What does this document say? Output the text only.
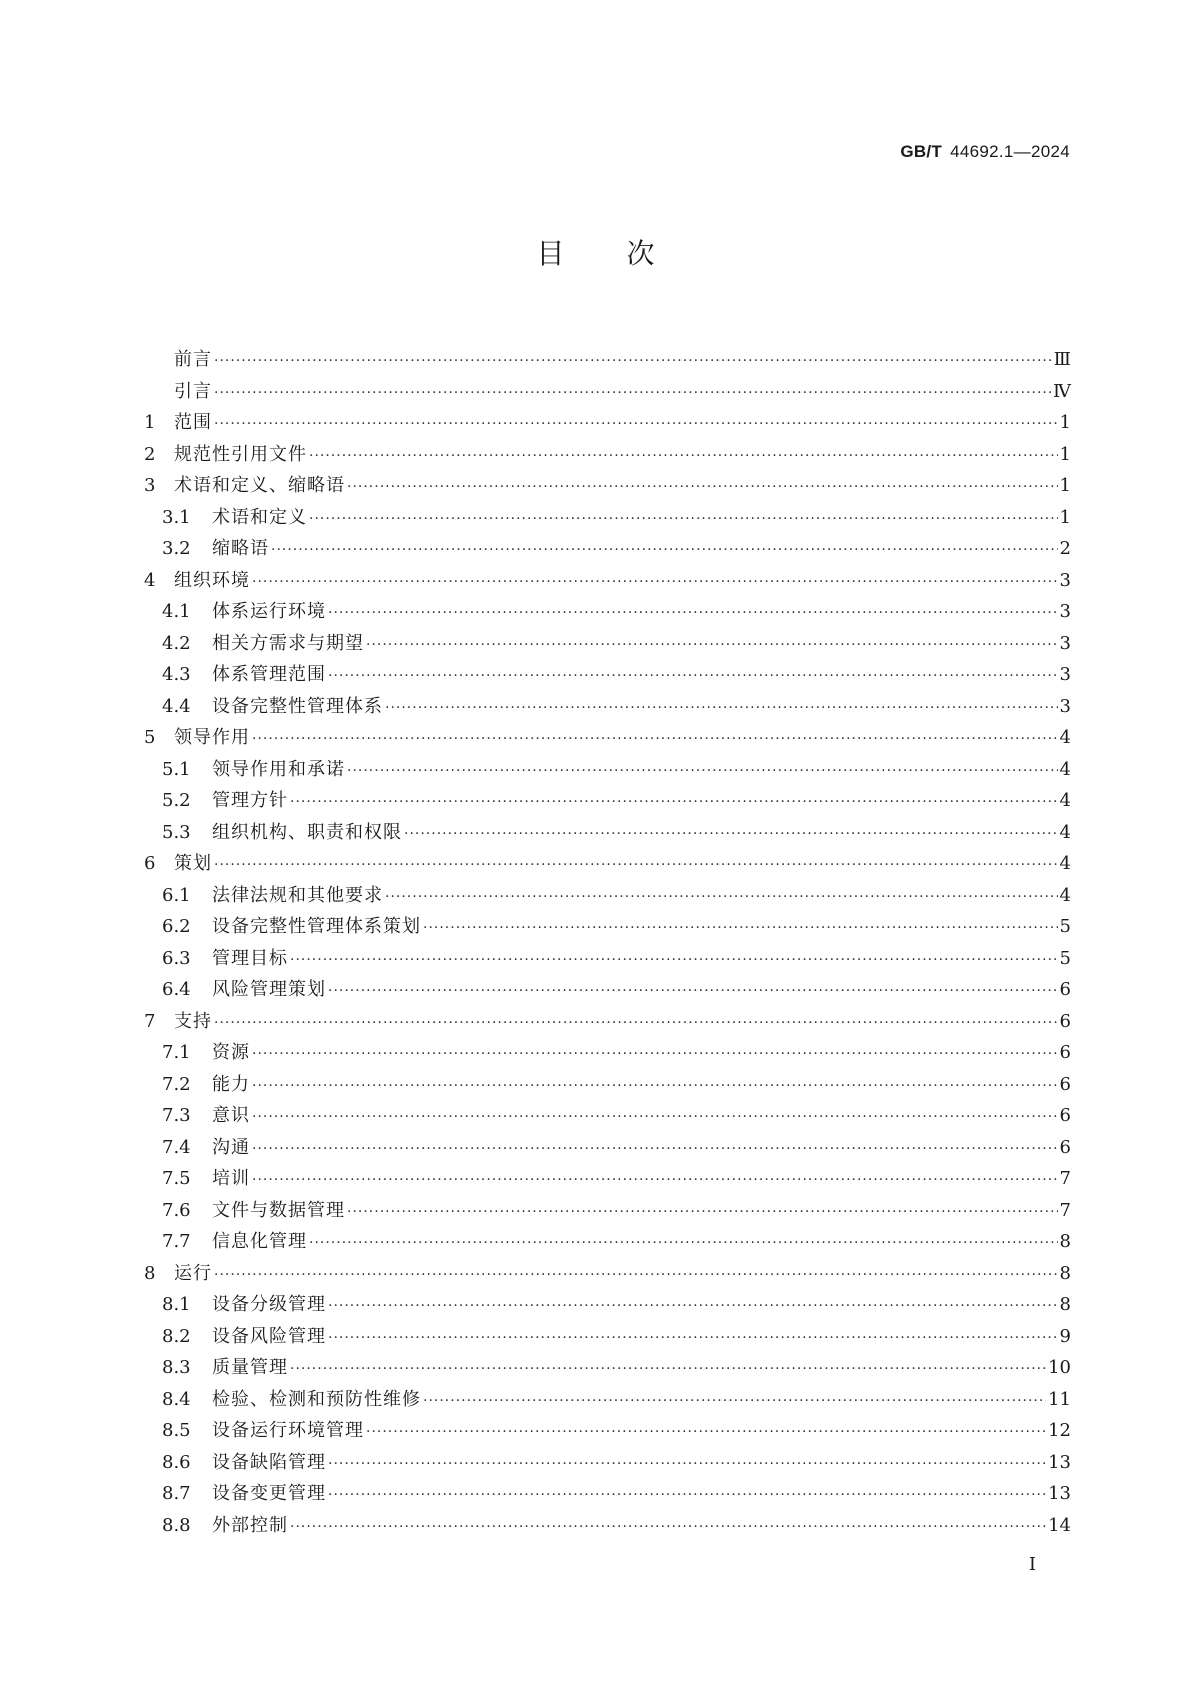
GB/T 44692.1—2024
目次
前言 ·····	Ⅲ
引言 ·····	Ⅳ
1	范围 ·····	1
2	规范性引用文件 ·····	1
3	术语和定义、缩略语 ·····	1
3.1	术语和定义 ·····	1
3.2	缩略语 ·····	2
4	组织环境 ·····	3
4.1	体系运行环境 ·····	3
4.2	相关方需求与期望 ·····	3
4.3	体系管理范围 ·····	3
4.4	设备完整性管理体系 ·····	3
5	领导作用 ·····	4
5.1	领导作用和承诺 ·····	4
5.2	管理方针 ·····	4
5.3	组织机构、职责和权限 ·····	4
6	策划 ·····	4
6.1	法律法规和其他要求 ·····	4
6.2	设备完整性管理体系策划 ·····	5
6.3	管理目标 ·····	5
6.4	风险管理策划 ·····	6
7	支持 ·····	6
7.1	资源 ·····	6
7.2	能力 ·····	6
7.3	意识 ·····	6
7.4	沟通 ·····	6
7.5	培训 ·····	7
7.6	文件与数据管理 ·····	7
7.7	信息化管理 ·····	8
8	运行 ·····	8
8.1	设备分级管理 ·····	8
8.2	设备风险管理 ·····	9
8.3	质量管理 ·····	10
8.4	检验、检测和预防性维修 ·····	11
8.5	设备运行环境管理 ·····	12
8.6	设备缺陷管理 ·····	13
8.7	设备变更管理 ·····	13
8.8	外部控制 ·····	14
I
